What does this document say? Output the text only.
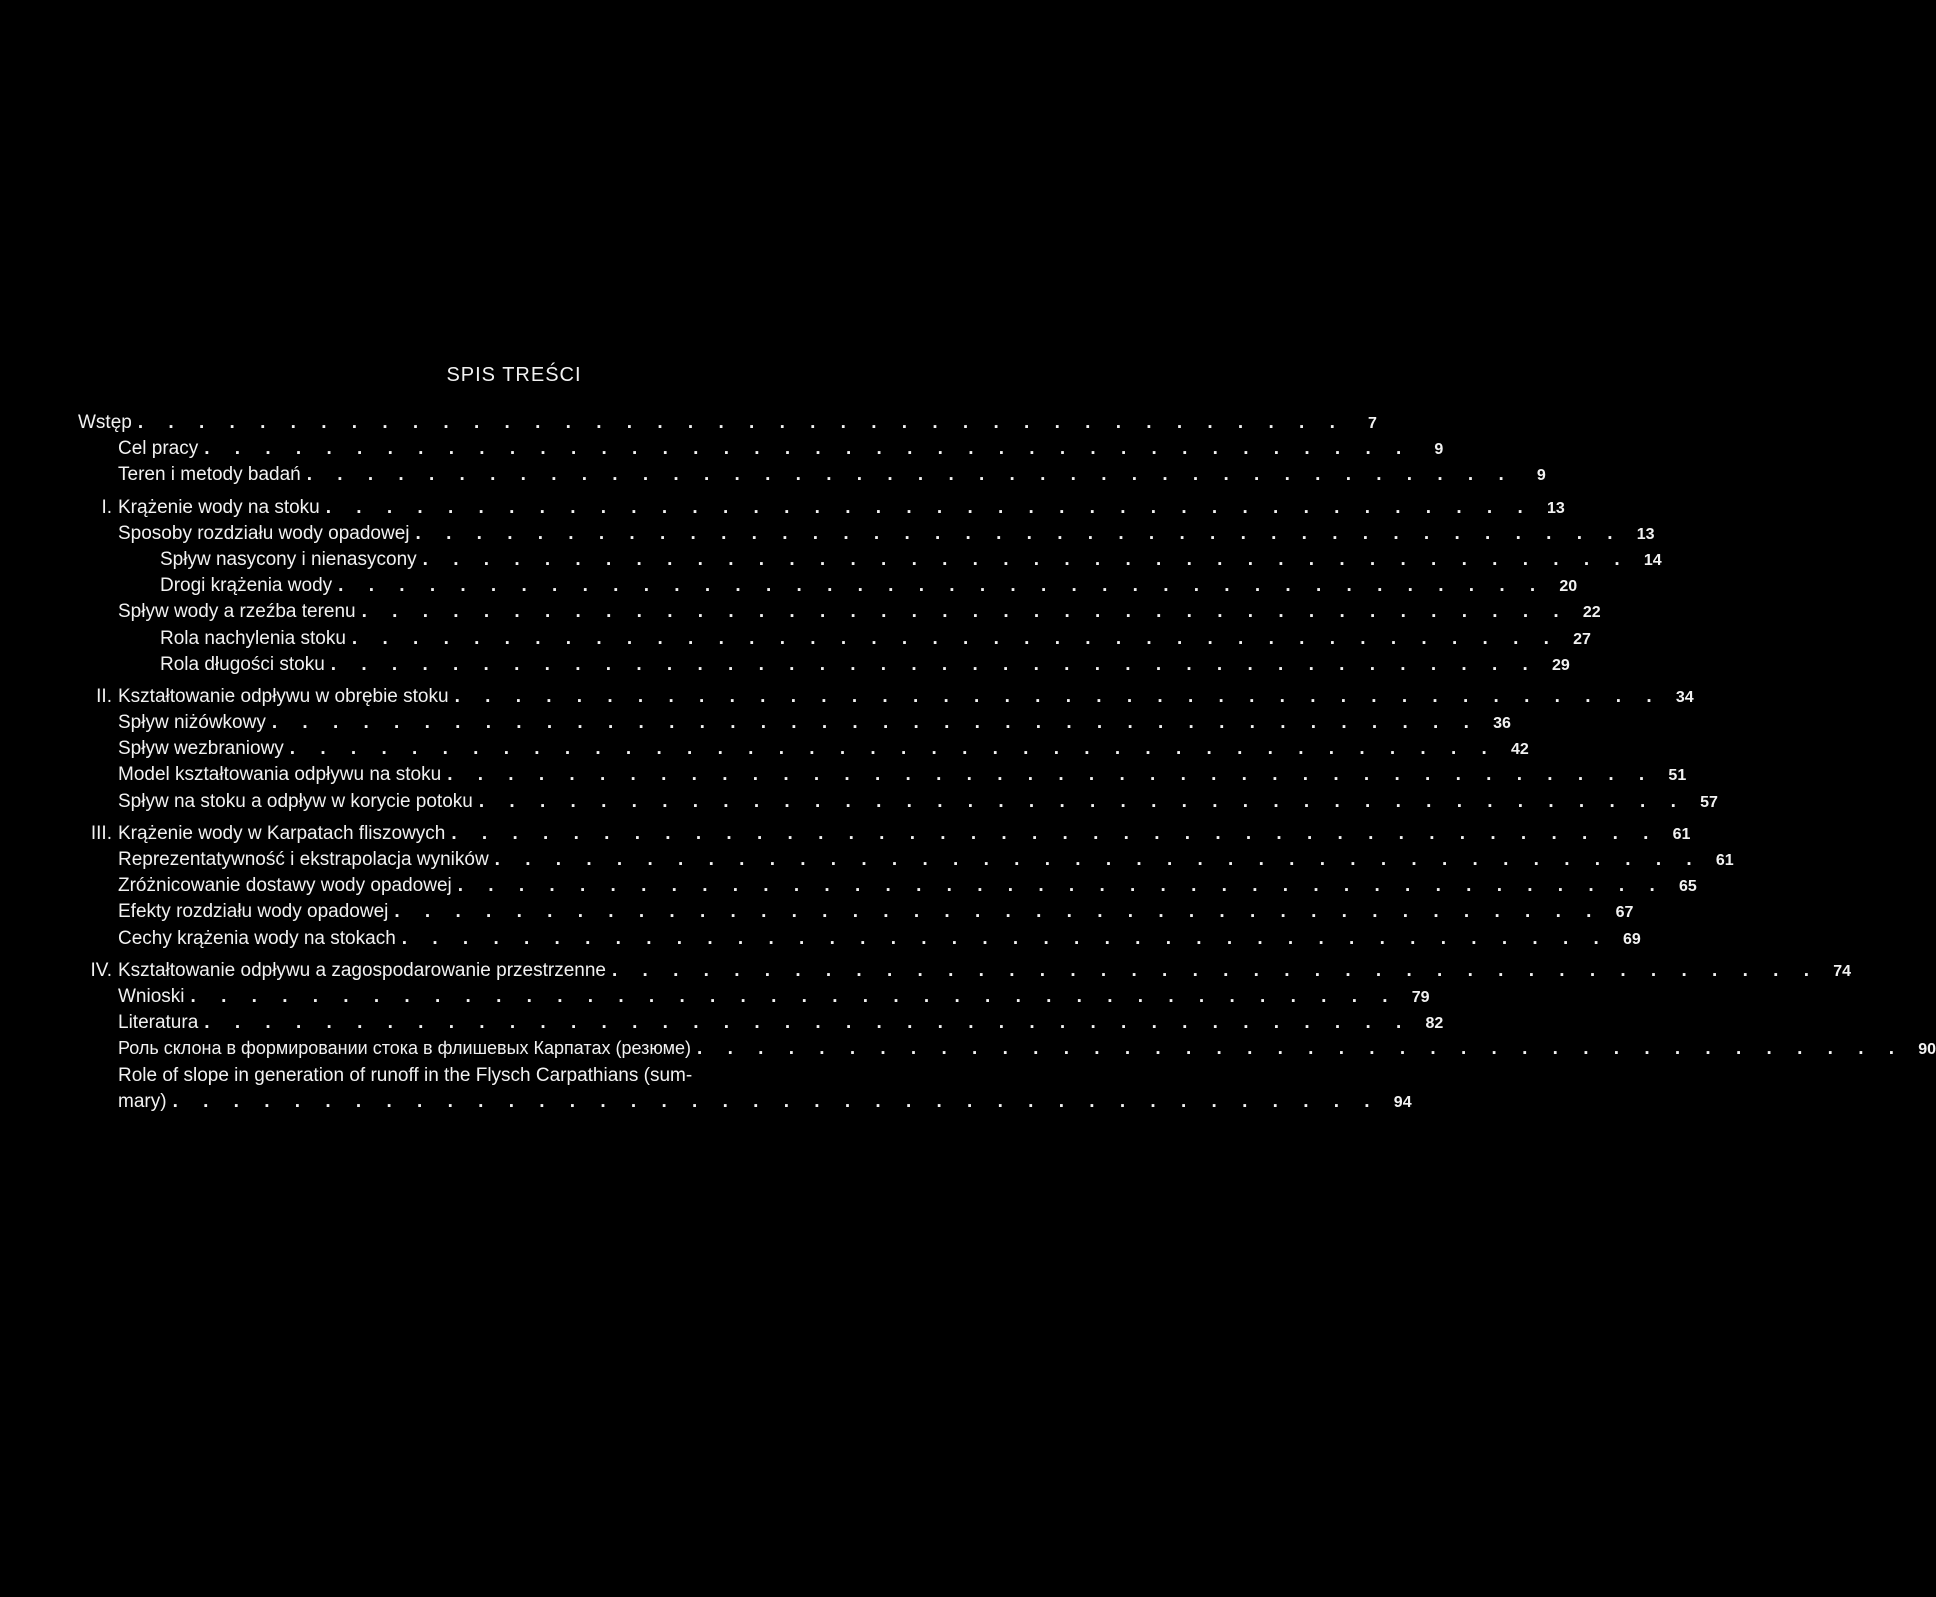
SPIS TREŚCI
Wstęp . . . . . . . . . . . . . . . . . . . . . . . . . . . . . . . . . . . . . . . .	7
Cel pracy . . . . . . . . . . . . . . . . . . . . . . . . . . . . . . . . . . . . . . . .	9
Teren i metody badań . . . . . . . . . . . . . . . . . . . . . . . . . . . . . . . . . . . . . . . .	9
I. Krążenie wody na stoku . . . . . . . . . . . . . . . . . . . . . . . . . . . . . . . . . . . . . . . . 13
Sposoby rozdziału wody opadowej . . . . . . . . . . . . . . . . . . . . . . . . . . . . . . . . . . . . . . . . 13
Spływ nasycony i nienasycony . . . . . . . . . . . . . . . . . . . . . . . . . . . . . . . . . . . . . . . . 14
Drogi krążenia wody . . . . . . . . . . . . . . . . . . . . . . . . . . . . . . . . . . . . . . . . 20
Spływ wody a rzeźba terenu . . . . . . . . . . . . . . . . . . . . . . . . . . . . . . . . . . . . . . . . 22
Rola nachylenia stoku . . . . . . . . . . . . . . . . . . . . . . . . . . . . . . . . . . . . . . . . 27
Rola długości stoku . . . . . . . . . . . . . . . . . . . . . . . . . . . . . . . . . . . . . . . . 29
II. Kształtowanie odpływu w obrębie stoku . . . . . . . . . . . . . . . . . . . . . . . . . . . . . . . . . . . . . . . . 34
Spływ niżówkowy . . . . . . . . . . . . . . . . . . . . . . . . . . . . . . . . . . . . . . . . 36
Spływ wezbraniowy . . . . . . . . . . . . . . . . . . . . . . . . . . . . . . . . . . . . . . . . 42
Model kształtowania odpływu na stoku . . . . . . . . . . . . . . . . . . . . . . . . . . . . . . . . . . . . . . . . 51
Spływ na stoku a odpływ w korycie potoku . . . . . . . . . . . . . . . . . . . . . . . . . . . . . . . . . . . . . . . . 57
III. Krążenie wody w Karpatach fliszowych . . . . . . . . . . . . . . . . . . . . . . . . . . . . . . . . . . . . . . . . 61
Reprezentatywność i ekstrapolacja wyników . . . . . . . . . . . . . . . . . . . . . . . . . . . . . . . . . . . . . . . . 61
Zróżnicowanie dostawy wody opadowej . . . . . . . . . . . . . . . . . . . . . . . . . . . . . . . . . . . . . . . . 65
Efekty rozdziału wody opadowej . . . . . . . . . . . . . . . . . . . . . . . . . . . . . . . . . . . . . . . . 67
Cechy krążenia wody na stokach . . . . . . . . . . . . . . . . . . . . . . . . . . . . . . . . . . . . . . . . 69
IV. Kształtowanie odpływu a zagospodarowanie przestrzenne . . . . . . . . . . . . . . . . . . . . . . . . . . . . . . . . . . . . . . . . 74
Wnioski . . . . . . . . . . . . . . . . . . . . . . . . . . . . . . . . . . . . . . . . 79
Literatura . . . . . . . . . . . . . . . . . . . . . . . . . . . . . . . . . . . . . . . . 82
Роль склона в формировании стока в флишевых Карпатах (резюме) . . . . . . . . . . . . . . . . . . . . . . . . . . . . . . . . . . . . . . . . 90
Role of slope in generation of runoff in the Flysch Carpathians (sum-
mary) . . . . . . . . . . . . . . . . . . . . . . . . . . . . . . . . . . . . . . . . 94
